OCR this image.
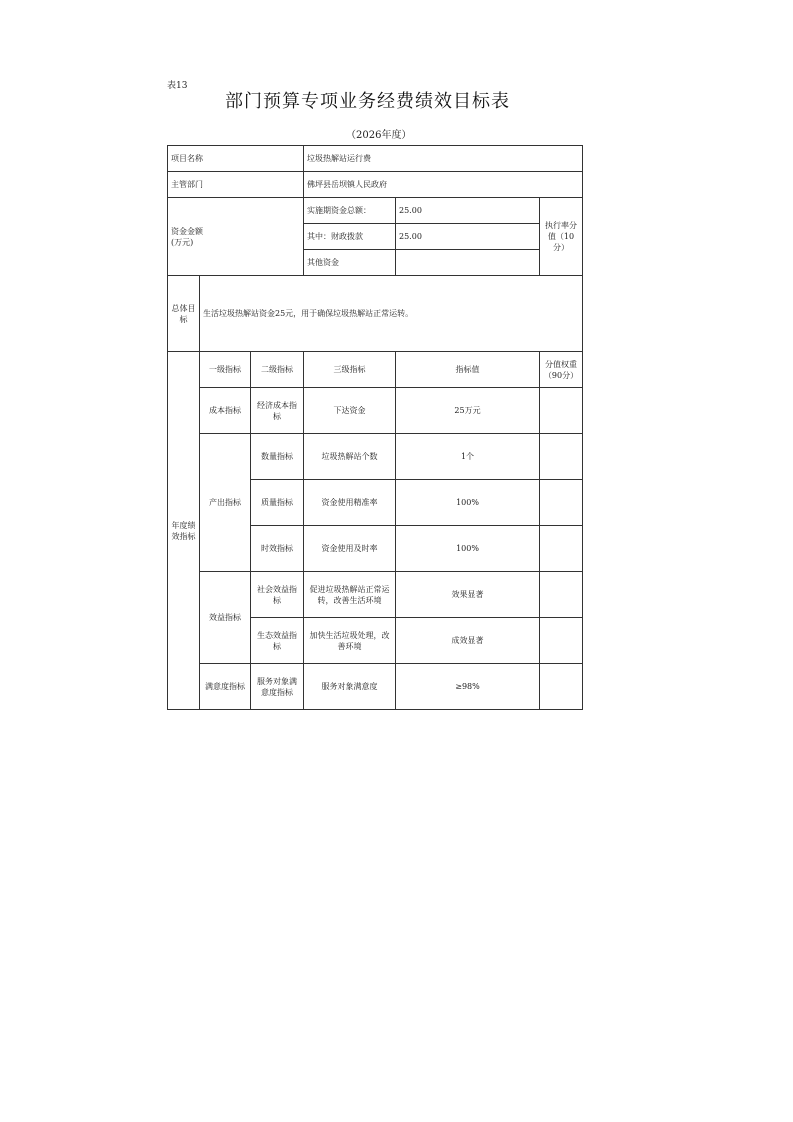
表13
部门预算专项业务经费绩效目标表
（2026年度）
项目名称			垃圾热解站运行费		
主管部门			佛坪县岳坝镇人民政府		
资金金额
(万元)			实施期资金总额：	25.00	执行率分值（10分）
			其中：财政拨款	25.00	
			其他资金		
总体目标	生活垃圾热解站资金25元，用于确保垃圾热解站正常运转。				
年度绩效指标	一级指标	二级指标	三级指标	指标值	分值权重（90分）
	成本指标	经济成本指标	下达资金	25万元	
	产出指标	数量指标	垃圾热解站个数	1个	
		质量指标	资金使用精准率	100%	
		时效指标	资金使用及时率	100%	
	效益指标	社会效益指标	促进垃圾热解站正常运转，改善生活环境	效果显著	
		生态效益指标	加快生活垃圾处理，改善环境	成效显著	
	满意度指标	服务对象满意度指标	服务对象满意度	≥98%	
